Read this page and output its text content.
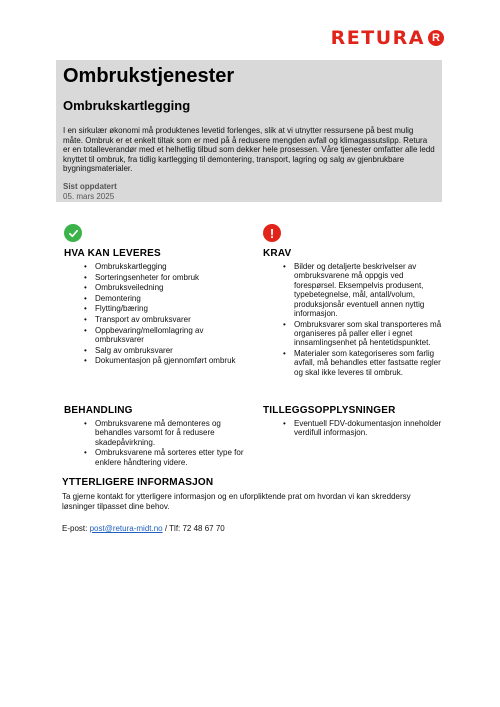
RETURA R
Ombrukstjenester
Ombrukskartlegging

I en sirkulær økonomi må produktenes levetid forlenges, slik at vi utnytter ressursene på best mulig måte. Ombruk er et enkelt tiltak som er med på å redusere mengden avfall og klimagassutslipp. Retura er en totalleverandør med et helhetlig tilbud som dekker hele prosessen. Våre tjenester omfatter alle ledd knyttet til ombruk, fra tidlig kartlegging til demontering, transport, lagring og salg av gjenbrukbare bygningsmaterialer.

Sist oppdatert
05. mars 2025
HVA KAN LEVERES
• Ombrukskartlegging
• Sorteringsenheter for ombruk
• Ombruksveiledning
• Demontering
• Flytting/bæring
• Transport av ombruksvarer
• Oppbevaring/mellomlagring av ombruksvarer
• Salg av ombruksvarer
• Dokumentasjon på gjennomført ombruk
!
KRAV
• Bilder og detaljerte beskrivelser av ombruksvarene må oppgis ved forespørsel. Eksempelvis produsent, typebetegnelse, mål, antall/volum, produksjonsår eventuell annen nyttig informasjon.
• Ombruksvarer som skal transporteres må organiseres på paller eller i egnet innsamlingsenhet på hentetidspunktet.
• Materialer som kategoriseres som farlig avfall, må behandles etter fastsatte regler og skal ikke leveres til ombruk.
BEHANDLING
• Ombruksvarene må demonteres og behandles varsomt for å redusere skadepåvirkning.
• Ombruksvarene må sorteres etter type for enklere håndtering videre.
TILLEGGSOPPLYSNINGER
• Eventuell FDV-dokumentasjon inneholder verdifull informasjon.
YTTERLIGERE INFORMASJON

Ta gjerne kontakt for ytterligere informasjon og en uforpliktende prat om hvordan vi kan skreddersy løsninger tilpasset dine behov.

E-post: post@retura-midt.no / Tlf: 72 48 67 70
